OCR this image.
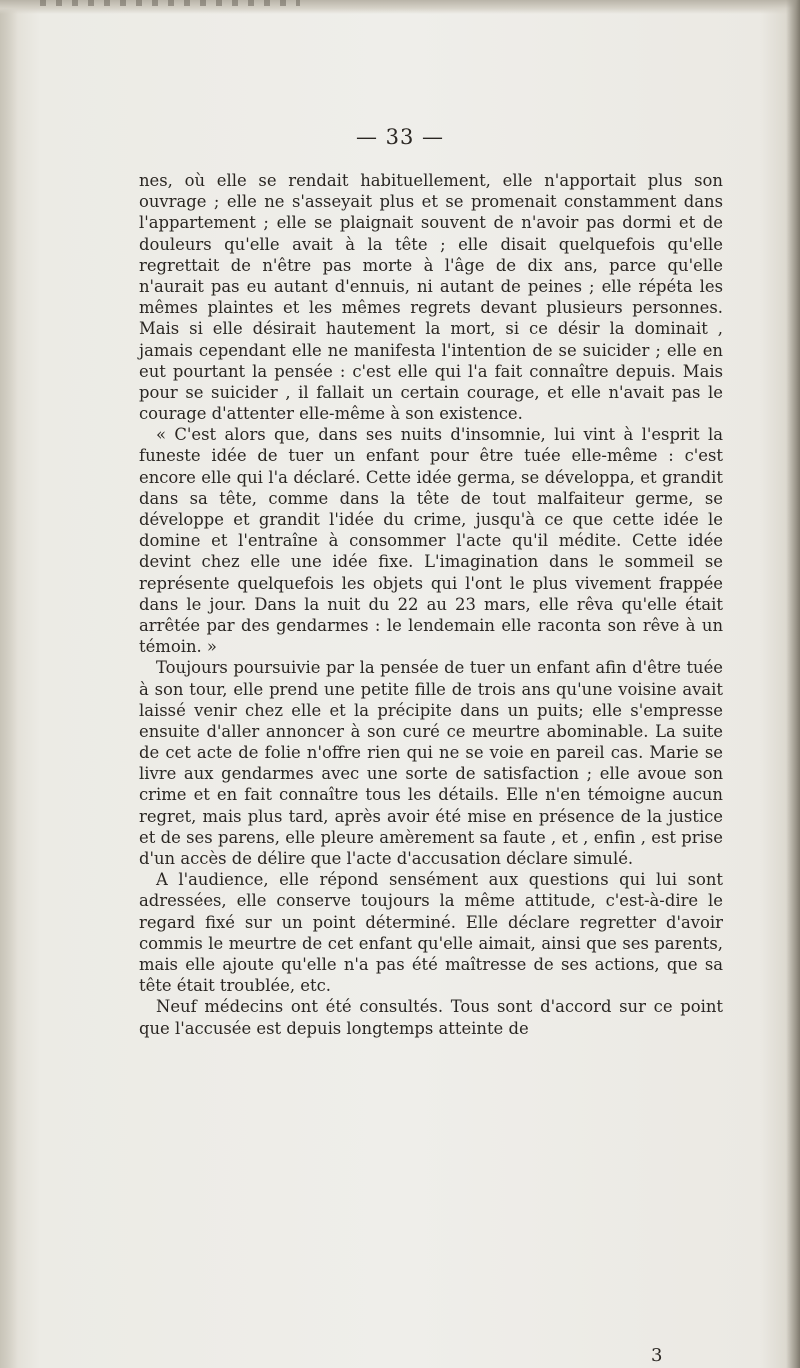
— 33 —

nes, où elle se rendait habituellement, elle n'apportait plus son ouvrage ; elle ne s'asseyait plus et se promenait constamment dans l'appartement ; elle se plaignait souvent de n'avoir pas dormi et de douleurs qu'elle avait à la tête ; elle disait quelquefois qu'elle regrettait de n'être pas morte à l'âge de dix ans, parce qu'elle n'aurait pas eu autant d'ennuis, ni autant de peines ; elle répéta les mêmes plaintes et les mêmes regrets devant plusieurs personnes. Mais si elle désirait hautement la mort, si ce désir la dominait , jamais cependant elle ne manifesta l'intention de se suicider ; elle en eut pourtant la pensée : c'est elle qui l'a fait connaître depuis. Mais pour se suicider , il fallait un certain courage, et elle n'avait pas le courage d'attenter elle-même à son existence.

« C'est alors que, dans ses nuits d'insomnie, lui vint à l'esprit la funeste idée de tuer un enfant pour être tuée elle-même : c'est encore elle qui l'a déclaré. Cette idée germa, se développa, et grandit dans sa tête, comme dans la tête de tout malfaiteur germe, se développe et grandit l'idée du crime, jusqu'à ce que cette idée le domine et l'entraîne à consommer l'acte qu'il médite. Cette idée devint chez elle une idée fixe. L'imagination dans le sommeil se représente quelquefois les objets qui l'ont le plus vivement frappée dans le jour. Dans la nuit du 22 au 23 mars, elle rêva qu'elle était arrêtée par des gendarmes : le lendemain elle raconta son rêve à un témoin. »

Toujours poursuivie par la pensée de tuer un enfant afin d'être tuée à son tour, elle prend une petite fille de trois ans qu'une voisine avait laissé venir chez elle et la précipite dans un puits; elle s'empresse ensuite d'aller annoncer à son curé ce meurtre abominable. La suite de cet acte de folie n'offre rien qui ne se voie en pareil cas. Marie se livre aux gendarmes avec une sorte de satisfaction ; elle avoue son crime et en fait connaître tous les détails. Elle n'en témoigne aucun regret, mais plus tard, après avoir été mise en présence de la justice et de ses parens, elle pleure amèrement sa faute , et , enfin , est prise d'un accès de délire que l'acte d'accusation déclare simulé.

A l'audience, elle répond sensément aux questions qui lui sont adressées, elle conserve toujours la même attitude, c'est-à-dire le regard fixé sur un point déterminé. Elle déclare regretter d'avoir commis le meurtre de cet enfant qu'elle aimait, ainsi que ses parents, mais elle ajoute qu'elle n'a pas été maîtresse de ses actions, que sa tête était troublée, etc.

Neuf médecins ont été consultés. Tous sont d'accord sur ce point que l'accusée est depuis longtemps atteinte de

3
